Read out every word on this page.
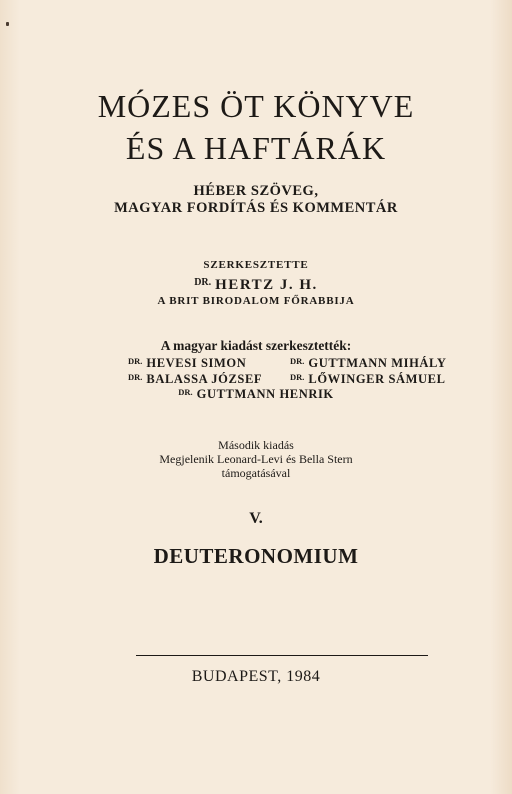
MÓZES ÖT KÖNYVE
ÉS A HAFTÁRÁK
HÉBER SZÖVEG,
MAGYAR FORDÍTÁS ÉS KOMMENTÁR
SZERKESZTETTE
$^{DR.}$ HERTZ J. H.
A BRIT BIRODALOM FŐRABBIJA
A magyar kiadást szerkesztették:
$^{DR.}$ HEVESI SIMON	$^{DR.}$ GUTTMANN MIHÁLY
$^{DR.}$ BALASSA JÓZSEF	$^{DR.}$ LŐWINGER SÁMUEL
$^{DR.}$ GUTTMANN HENRIK
Második kiadás
Megjelenik Leonard-Levi és Bella Stern
támogatásával
V.
DEUTERONOMIUM
BUDAPEST, 1984
